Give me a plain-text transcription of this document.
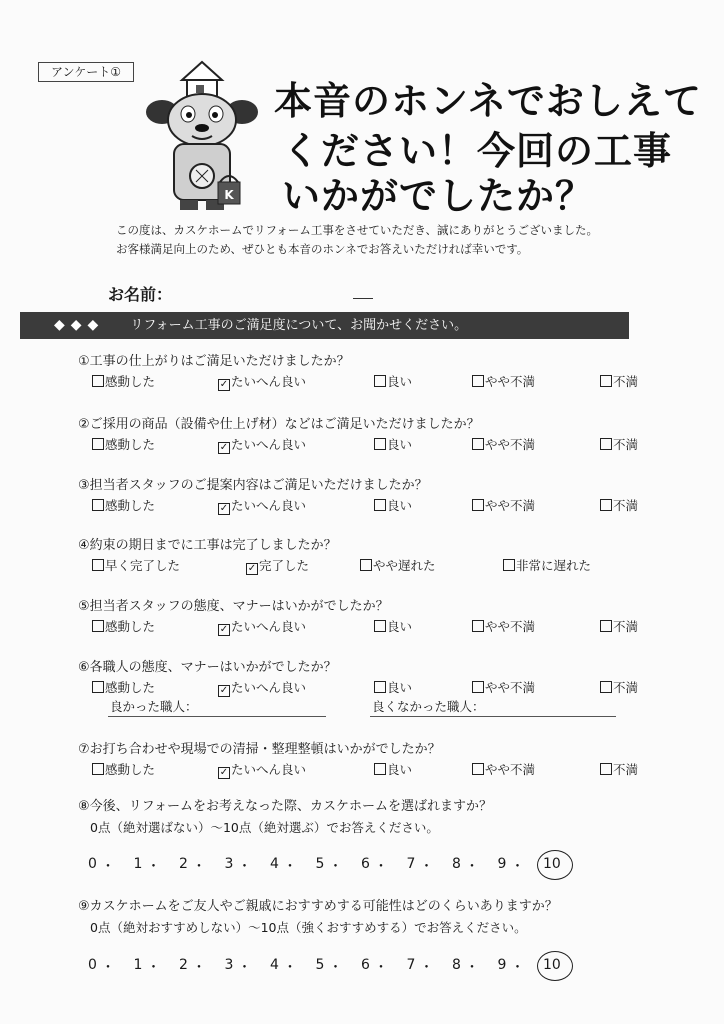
アンケート①
K
本音のホンネでおしえて
ください！今回の工事
いかがでしたか？
この度は、カスケホームでリフォーム工事をさせていただき、誠にありがとうございました。
お客様満足向上のため、ぜひとも本音のホンネでお答えいただければ幸いです。
お名前：
◆◆◆ リフォーム工事のご満足度について、お聞かせください。
①工事の仕上がりはご満足いただけましたか？
感動した	✓ たいへん良い	良い	やや不満	不満
②ご採用の商品（設備や仕上げ材）などはご満足いただけましたか？
感動した	✓ たいへん良い	良い	やや不満	不満
③担当者スタッフのご提案内容はご満足いただけましたか？
感動した	✓ たいへん良い	良い	やや不満	不満
④約束の期日までに工事は完了しましたか？
早く完了した	✓ 完了した	やや遅れた	非常に遅れた
⑤担当者スタッフの態度、マナーはいかがでしたか？
感動した	✓ たいへん良い	良い	やや不満	不満
⑥各職人の態度、マナーはいかがでしたか？
感動した	✓ たいへん良い	良い	やや不満	不満
⑦お打ち合わせや現場での清掃・整理整頓はいかがでしたか？
感動した	✓ たいへん良い	良い	やや不満	不満
良かった職人：	良くなかった職人：
⑧今後、リフォームをお考えなった際、カスケホームを選ばれますか？
0点（絶対選ばない）～10点（絶対選ぶ）でお答えください。
0 ・ 1 ・ 2 ・ 3 ・ 4 ・ 5 ・ 6 ・ 7 ・ 8 ・ 9 ・ 10
⑨カスケホームをご友人やご親戚におすすめする可能性はどのくらいありますか？
0点（絶対おすすめしない）～10点（強くおすすめする）でお答えください。
0 ・ 1 ・ 2 ・ 3 ・ 4 ・ 5 ・ 6 ・ 7 ・ 8 ・ 9 ・ 10
